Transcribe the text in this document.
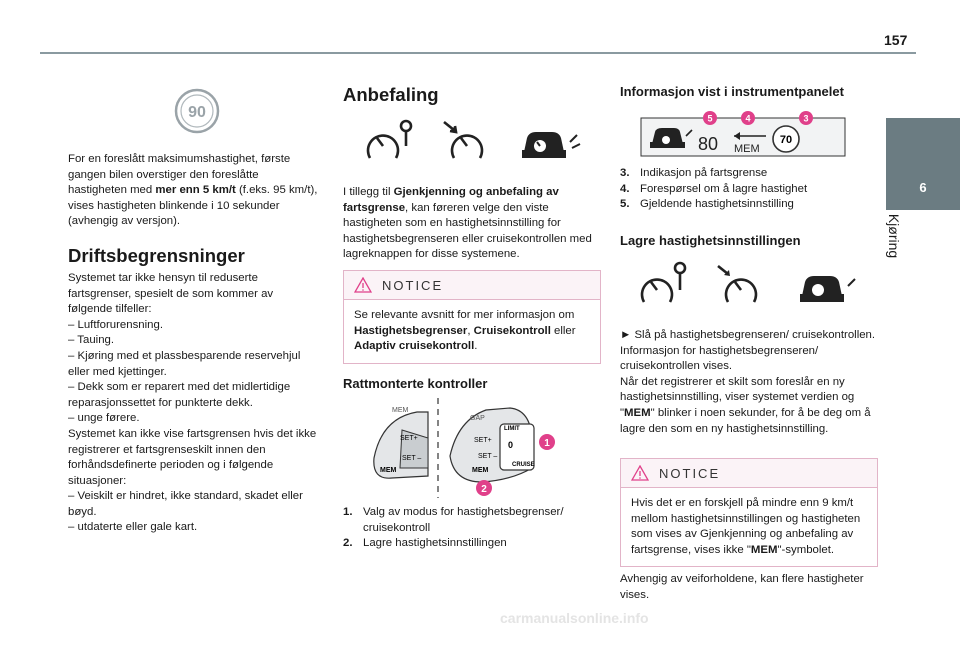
157
6
Kjøring
90

For en foreslått maksimumshastighet, første gangen bilen overstiger den foreslåtte hastigheten med mer enn 5 km/t (f.eks. 95 km/t), vises hastigheten blinkende i 10 sekunder (avhengig av versjon).

Driftsbegrensninger

Systemet tar ikke hensyn til reduserte fartsgrenser, spesielt de som kommer av følgende tilfeller:

– Luftforurensning.

– Tauing.

– Kjøring med et plassbesparende reservehjul eller med kjettinger.

– Dekk som er reparert med det midlertidige reparasjonssettet for punkterte dekk.

– unge førere.

Systemet kan ikke vise fartsgrensen hvis det ikke registrerer et fartsgrenseskilt innen den forhåndsdefinerte perioden og i følgende situasjoner:

– Veiskilt er hindret, ikke standard, skadet eller bøyd.

– utdaterte eller gale kart.

Anbefaling

I tillegg til Gjenkjenning og anbefaling av fartsgrense, kan føreren velge den viste hastigheten som en hastighetsinnstilling for hastighetsbegrenseren eller cruisekontrollen med lagreknappen for disse systemene.

NOTICE
Se relevante avsnitt for mer informasjon om Hastighetsbegrenser, Cruisekontroll eller Adaptiv cruisekontroll.
Rattmonterte kontroller
MEM
SET+
SET –
MEM
GAP
LIMIT
0
CRUISE
SET+
SET –
MEM
1
2
1. Valg av modus for hastighetsbegrenser/ cruisekontroll
2. Lagre hastighetsinnstillingen
Informasjon vist i instrumentpanelet
80 MEM
70
5	4	3
3. Indikasjon på fartsgrense
4. Forespørsel om å lagre hastighet
5. Gjeldende hastighetsinnstilling
Lagre hastighetsinnstillingen

► Slå på hastighetsbegrenseren/ cruisekontrollen.

Informasjon for hastighetsbegrenseren/ cruisekontrollen vises.

Når det registrerer et skilt som foreslår en ny hastighetsinnstilling, viser systemet verdien og "MEM" blinker i noen sekunder, for å be deg om å lagre den som en ny hastighetsinnstilling.

NOTICE
Hvis det er en forskjell på mindre enn 9 km/t mellom hastighetsinnstillingen og hastigheten som vises av Gjenkjenning og anbefaling av fartsgrense, vises ikke "MEM"-symbolet.

Avhengig av veiforholdene, kan flere hastigheter vises.

carmanualsonline.info
